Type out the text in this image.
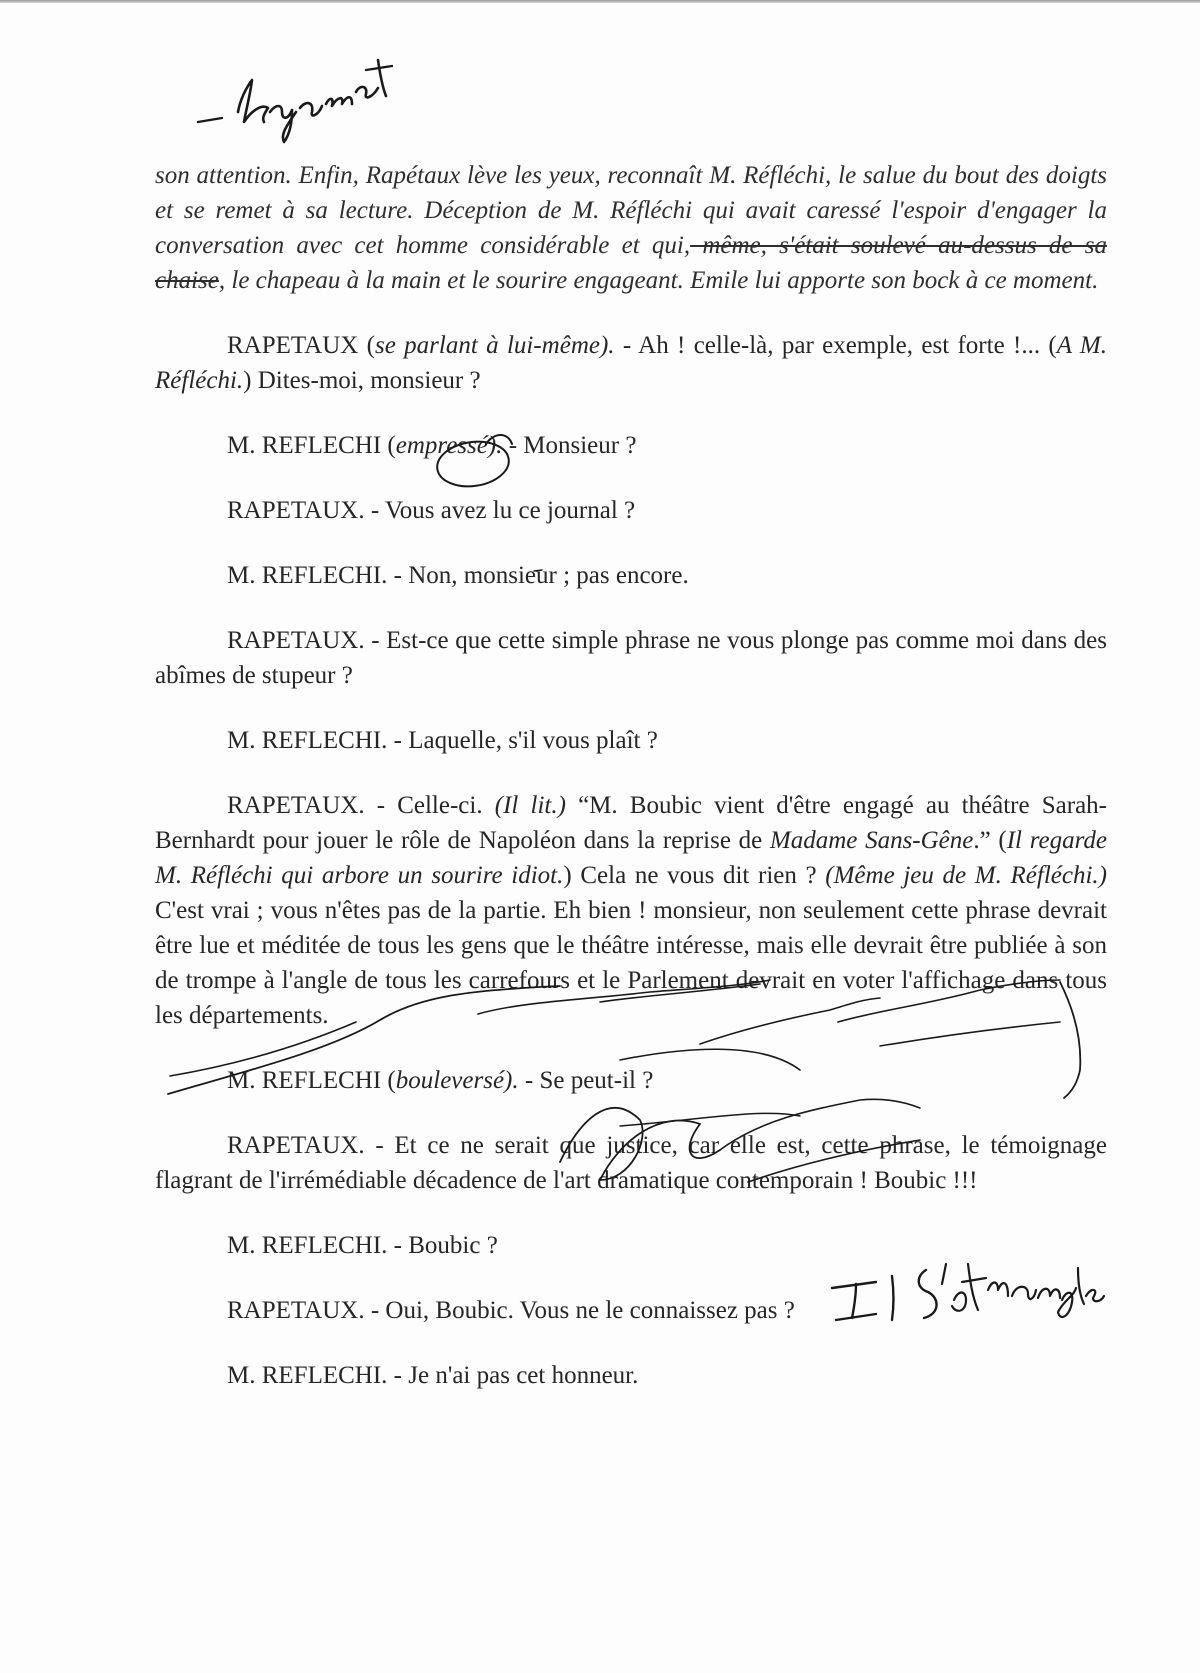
son attention. Enfin, Rapétaux lève les yeux, reconnaît M. Réfléchi, le salue du bout des doigts et se remet à sa lecture. Déception de M. Réfléchi qui avait caressé l'espoir d'engager la conversation avec cet homme considérable et qui, même, s'était soulevé au-dessus de sa chaise, le chapeau à la main et le sourire engageant. Emile lui apporte son bock à ce moment.

RAPETAUX (se parlant à lui-même). - Ah ! celle-là, par exemple, est forte !... (A M. Réfléchi.) Dites-moi, monsieur ?

M. REFLECHI (empressé). - Monsieur ?

RAPETAUX. - Vous avez lu ce journal ?

M. REFLECHI. - Non, monsieur ; pas encore.

RAPETAUX. - Est-ce que cette simple phrase ne vous plonge pas comme moi dans des abîmes de stupeur ?

M. REFLECHI. - Laquelle, s'il vous plaît ?

RAPETAUX. - Celle-ci. (Il lit.) “M. Boubic vient d'être engagé au théâtre Sarah-Bernhardt pour jouer le rôle de Napoléon dans la reprise de Madame Sans-Gêne.” (Il regarde M. Réfléchi qui arbore un sourire idiot.) Cela ne vous dit rien ? (Même jeu de M. Réfléchi.) C'est vrai ; vous n'êtes pas de la partie. Eh bien ! monsieur, non seulement cette phrase devrait être lue et méditée de tous les gens que le théâtre intéresse, mais elle devrait être publiée à son de trompe à l'angle de tous les carrefours et le Parlement devrait en voter l'affichage dans tous les départements.

M. REFLECHI (bouleversé). - Se peut-il ?

RAPETAUX. - Et ce ne serait que justice, car elle est, cette phrase, le témoignage flagrant de l'irrémédiable décadence de l'art dramatique contemporain ! Boubic !!!

M. REFLECHI. - Boubic ?

RAPETAUX. - Oui, Boubic. Vous ne le connaissez pas ?

M. REFLECHI. - Je n'ai pas cet honneur.
